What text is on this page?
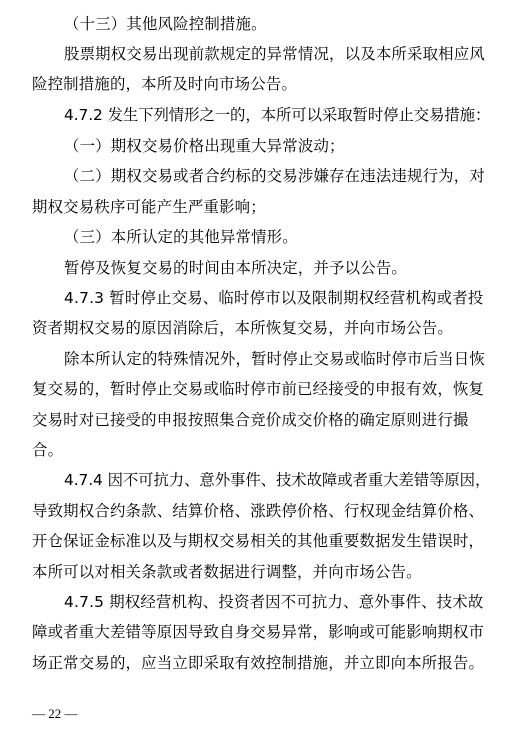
（十三）其他风险控制措施。
股票期权交易出现前款规定的异常情况，以及本所采取相应风
险控制措施的，本所及时向市场公告。
4.7.2 发生下列情形之一的，本所可以采取暂时停止交易措施：
（一）期权交易价格出现重大异常波动；
（二）期权交易或者合约标的交易涉嫌存在违法违规行为，对
期权交易秩序可能产生严重影响；
（三）本所认定的其他异常情形。
暂停及恢复交易的时间由本所决定，并予以公告。
4.7.3 暂时停止交易、临时停市以及限制期权经营机构或者投
资者期权交易的原因消除后，本所恢复交易，并向市场公告。
除本所认定的特殊情况外，暂时停止交易或临时停市后当日恢
复交易的，暂时停止交易或临时停市前已经接受的申报有效，恢复
交易时对已接受的申报按照集合竞价成交价格的确定原则进行撮
合。
4.7.4 因不可抗力、意外事件、技术故障或者重大差错等原因，
导致期权合约条款、结算价格、涨跌停价格、行权现金结算价格、
开仓保证金标准以及与期权交易相关的其他重要数据发生错误时，
本所可以对相关条款或者数据进行调整，并向市场公告。
4.7.5 期权经营机构、投资者因不可抗力、意外事件、技术故
障或者重大差错等原因导致自身交易异常，影响或可能影响期权市
场正常交易的，应当立即采取有效控制措施，并立即向本所报告。
— 22 —
